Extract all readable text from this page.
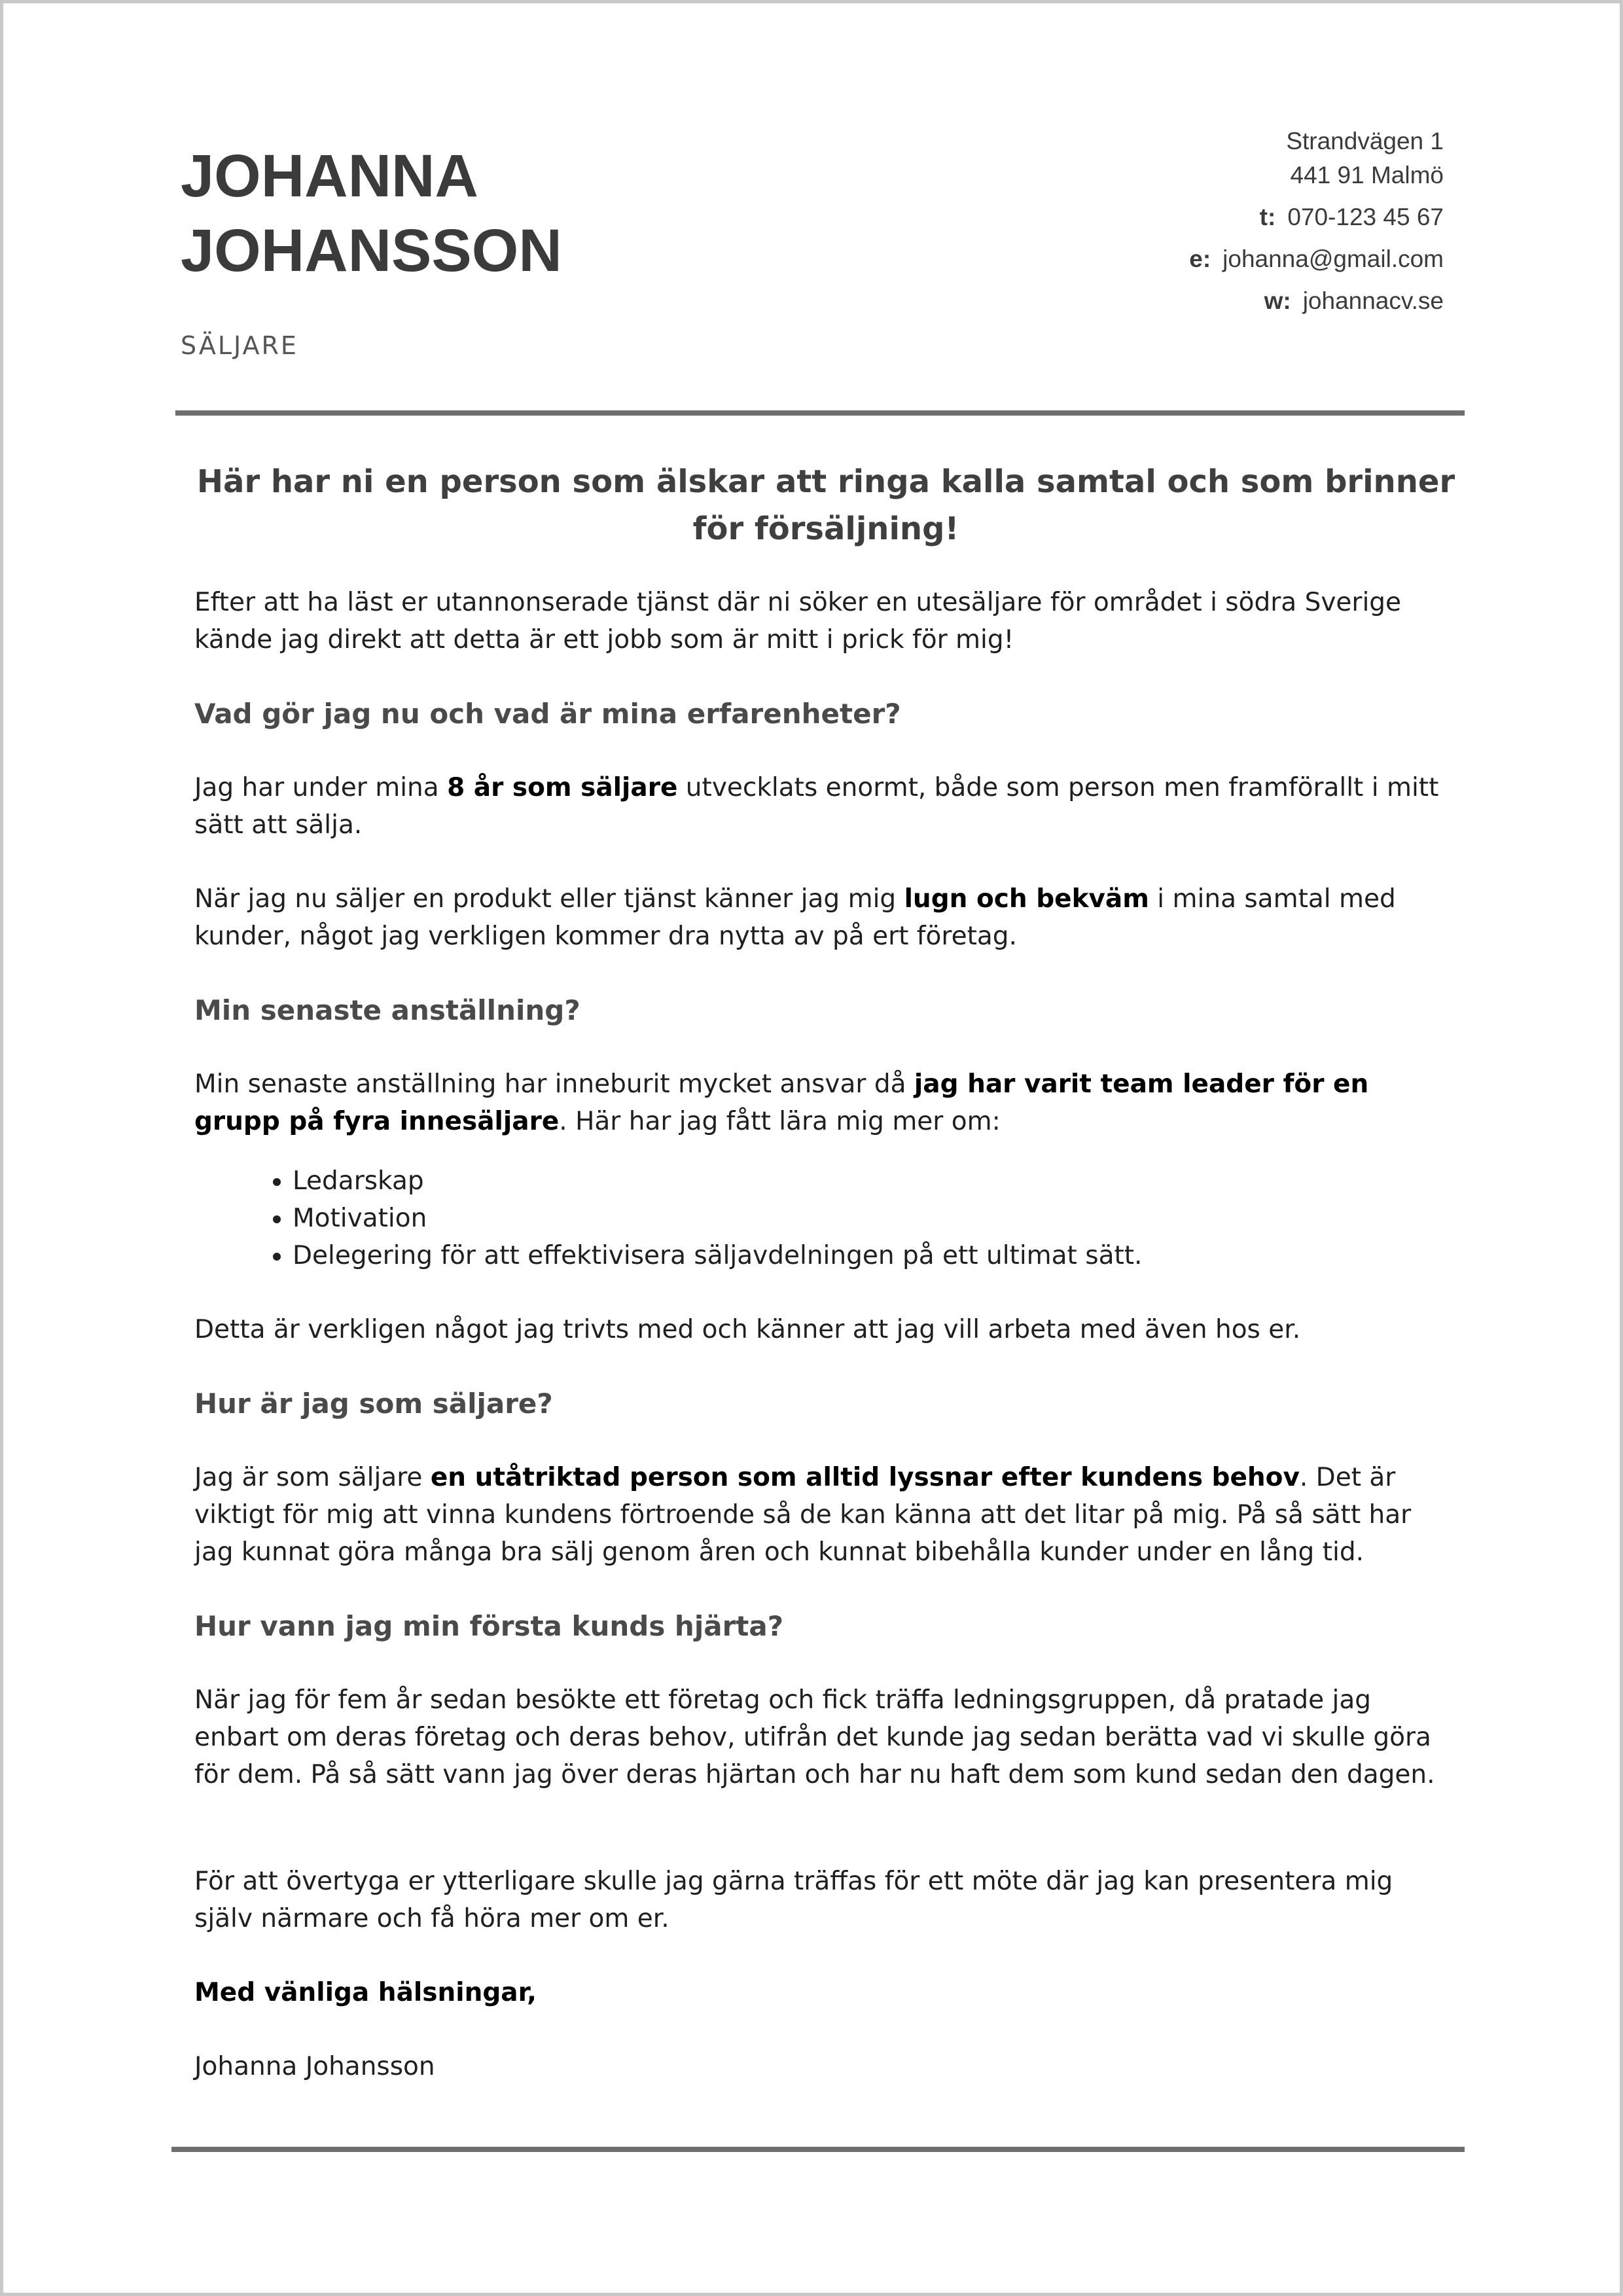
JOHANNA
JOHANSSON
SÄLJARE
Strandvägen 1
441 91 Malmö
t: 070-123 45 67
e: johanna@gmail.com
w: johannacv.se
Här har ni en person som älskar att ringa kalla samtal och som brinner för försäljning!

Efter att ha läst er utannonserade tjänst där ni söker en utesäljare för området i södra Sverige kände jag direkt att detta är ett jobb som är mitt i prick för mig!

Vad gör jag nu och vad är mina erfarenheter?

Jag har under mina 8 år som säljare utvecklats enormt, både som person men framförallt i mitt sätt att sälja.

När jag nu säljer en produkt eller tjänst känner jag mig lugn och bekväm i mina samtal med kunder, något jag verkligen kommer dra nytta av på ert företag.

Min senaste anställning?

Min senaste anställning har inneburit mycket ansvar då jag har varit team leader för en grupp på fyra innesäljare. Här har jag fått lära mig mer om:

• Ledarskap
• Motivation
• Delegering för att effektivisera säljavdelningen på ett ultimat sätt.

Detta är verkligen något jag trivts med och känner att jag vill arbeta med även hos er.

Hur är jag som säljare?

Jag är som säljare en utåtriktad person som alltid lyssnar efter kundens behov. Det är viktigt för mig att vinna kundens förtroende så de kan känna att det litar på mig. På så sätt har jag kunnat göra många bra sälj genom åren och kunnat bibehålla kunder under en lång tid.

Hur vann jag min första kunds hjärta?

När jag för fem år sedan besökte ett företag och fick träffa ledningsgruppen, då pratade jag enbart om deras företag och deras behov, utifrån det kunde jag sedan berätta vad vi skulle göra för dem. På så sätt vann jag över deras hjärtan och har nu haft dem som kund sedan den dagen.

För att övertyga er ytterligare skulle jag gärna träffas för ett möte där jag kan presentera mig själv närmare och få höra mer om er.

Med vänliga hälsningar,

Johanna Johansson
